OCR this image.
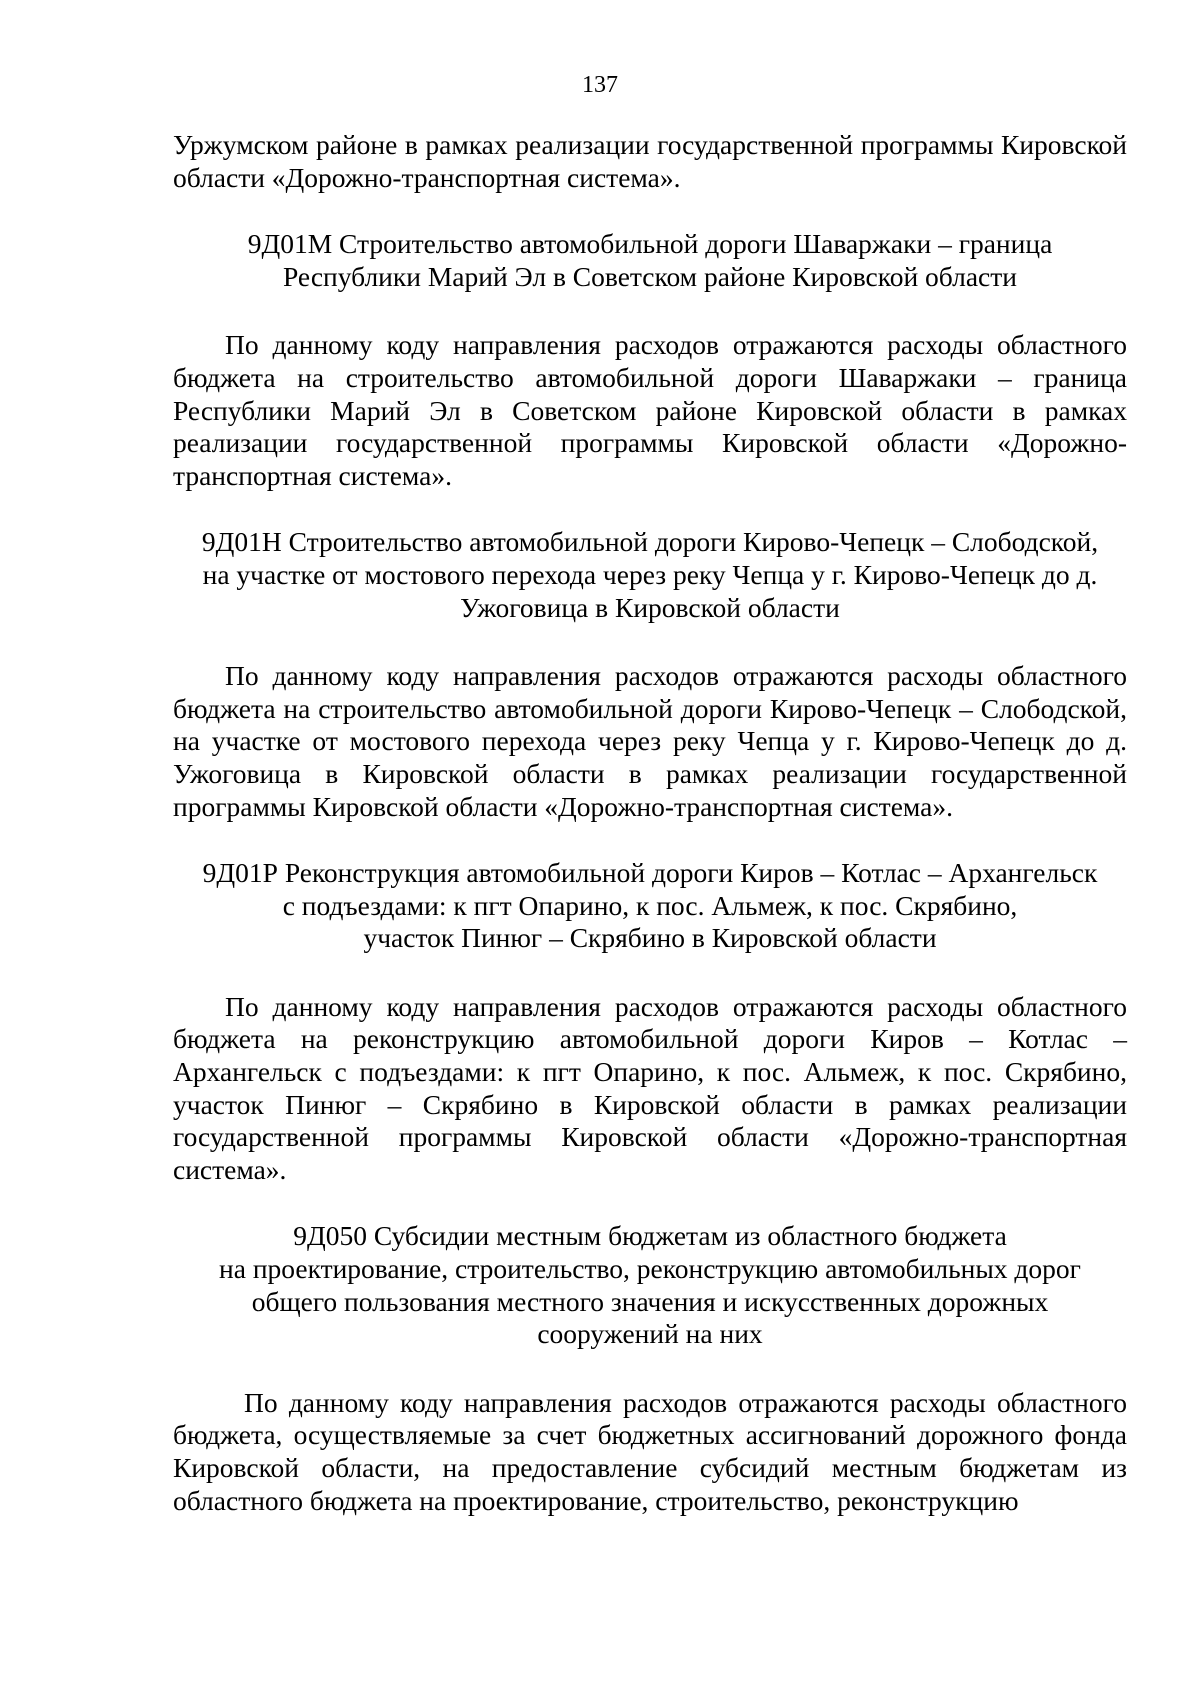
137

Уржумском районе в рамках реализации государственной программы Кировской области «Дорожно-транспортная система».

9Д01М Строительство автомобильной дороги Шаваржаки – граница
Республики Марий Эл в Советском районе Кировской области

По данному коду направления расходов отражаются расходы областного бюджета на строительство автомобильной дороги Шаваржаки – граница Республики Марий Эл в Советском районе Кировской области в рамках реализации государственной программы Кировской области «Дорожно-транспортная система».

9Д01Н Строительство автомобильной дороги Кирово-Чепецк – Слободской,
на участке от мостового перехода через реку Чепца у г. Кирово-Чепецк до д.
Ужоговица в Кировской области

По данному коду направления расходов отражаются расходы областного бюджета на строительство автомобильной дороги Кирово-Чепецк – Слободской, на участке от мостового перехода через реку Чепца у г. Кирово-Чепецк до д. Ужоговица в Кировской области в рамках реализации государственной программы Кировской области «Дорожно-транспортная система».

9Д01Р Реконструкция автомобильной дороги Киров – Котлас – Архангельск
с подъездами: к пгт Опарино, к пос. Альмеж, к пос. Скрябино,
участок Пинюг – Скрябино в Кировской области

По данному коду направления расходов отражаются расходы областного бюджета на реконструкцию автомобильной дороги Киров – Котлас – Архангельск с подъездами: к пгт Опарино, к пос. Альмеж, к пос. Скрябино, участок Пинюг – Скрябино в Кировской области в рамках реализации государственной программы Кировской области «Дорожно-транспортная система».

9Д050 Субсидии местным бюджетам из областного бюджета
на проектирование, строительство, реконструкцию автомобильных дорог
общего пользования местного значения и искусственных дорожных
сооружений на них

По данному коду направления расходов отражаются расходы областного бюджета, осуществляемые за счет бюджетных ассигнований дорожного фонда Кировской области, на предоставление субсидий местным бюджетам из областного бюджета на проектирование, строительство, реконструкцию
